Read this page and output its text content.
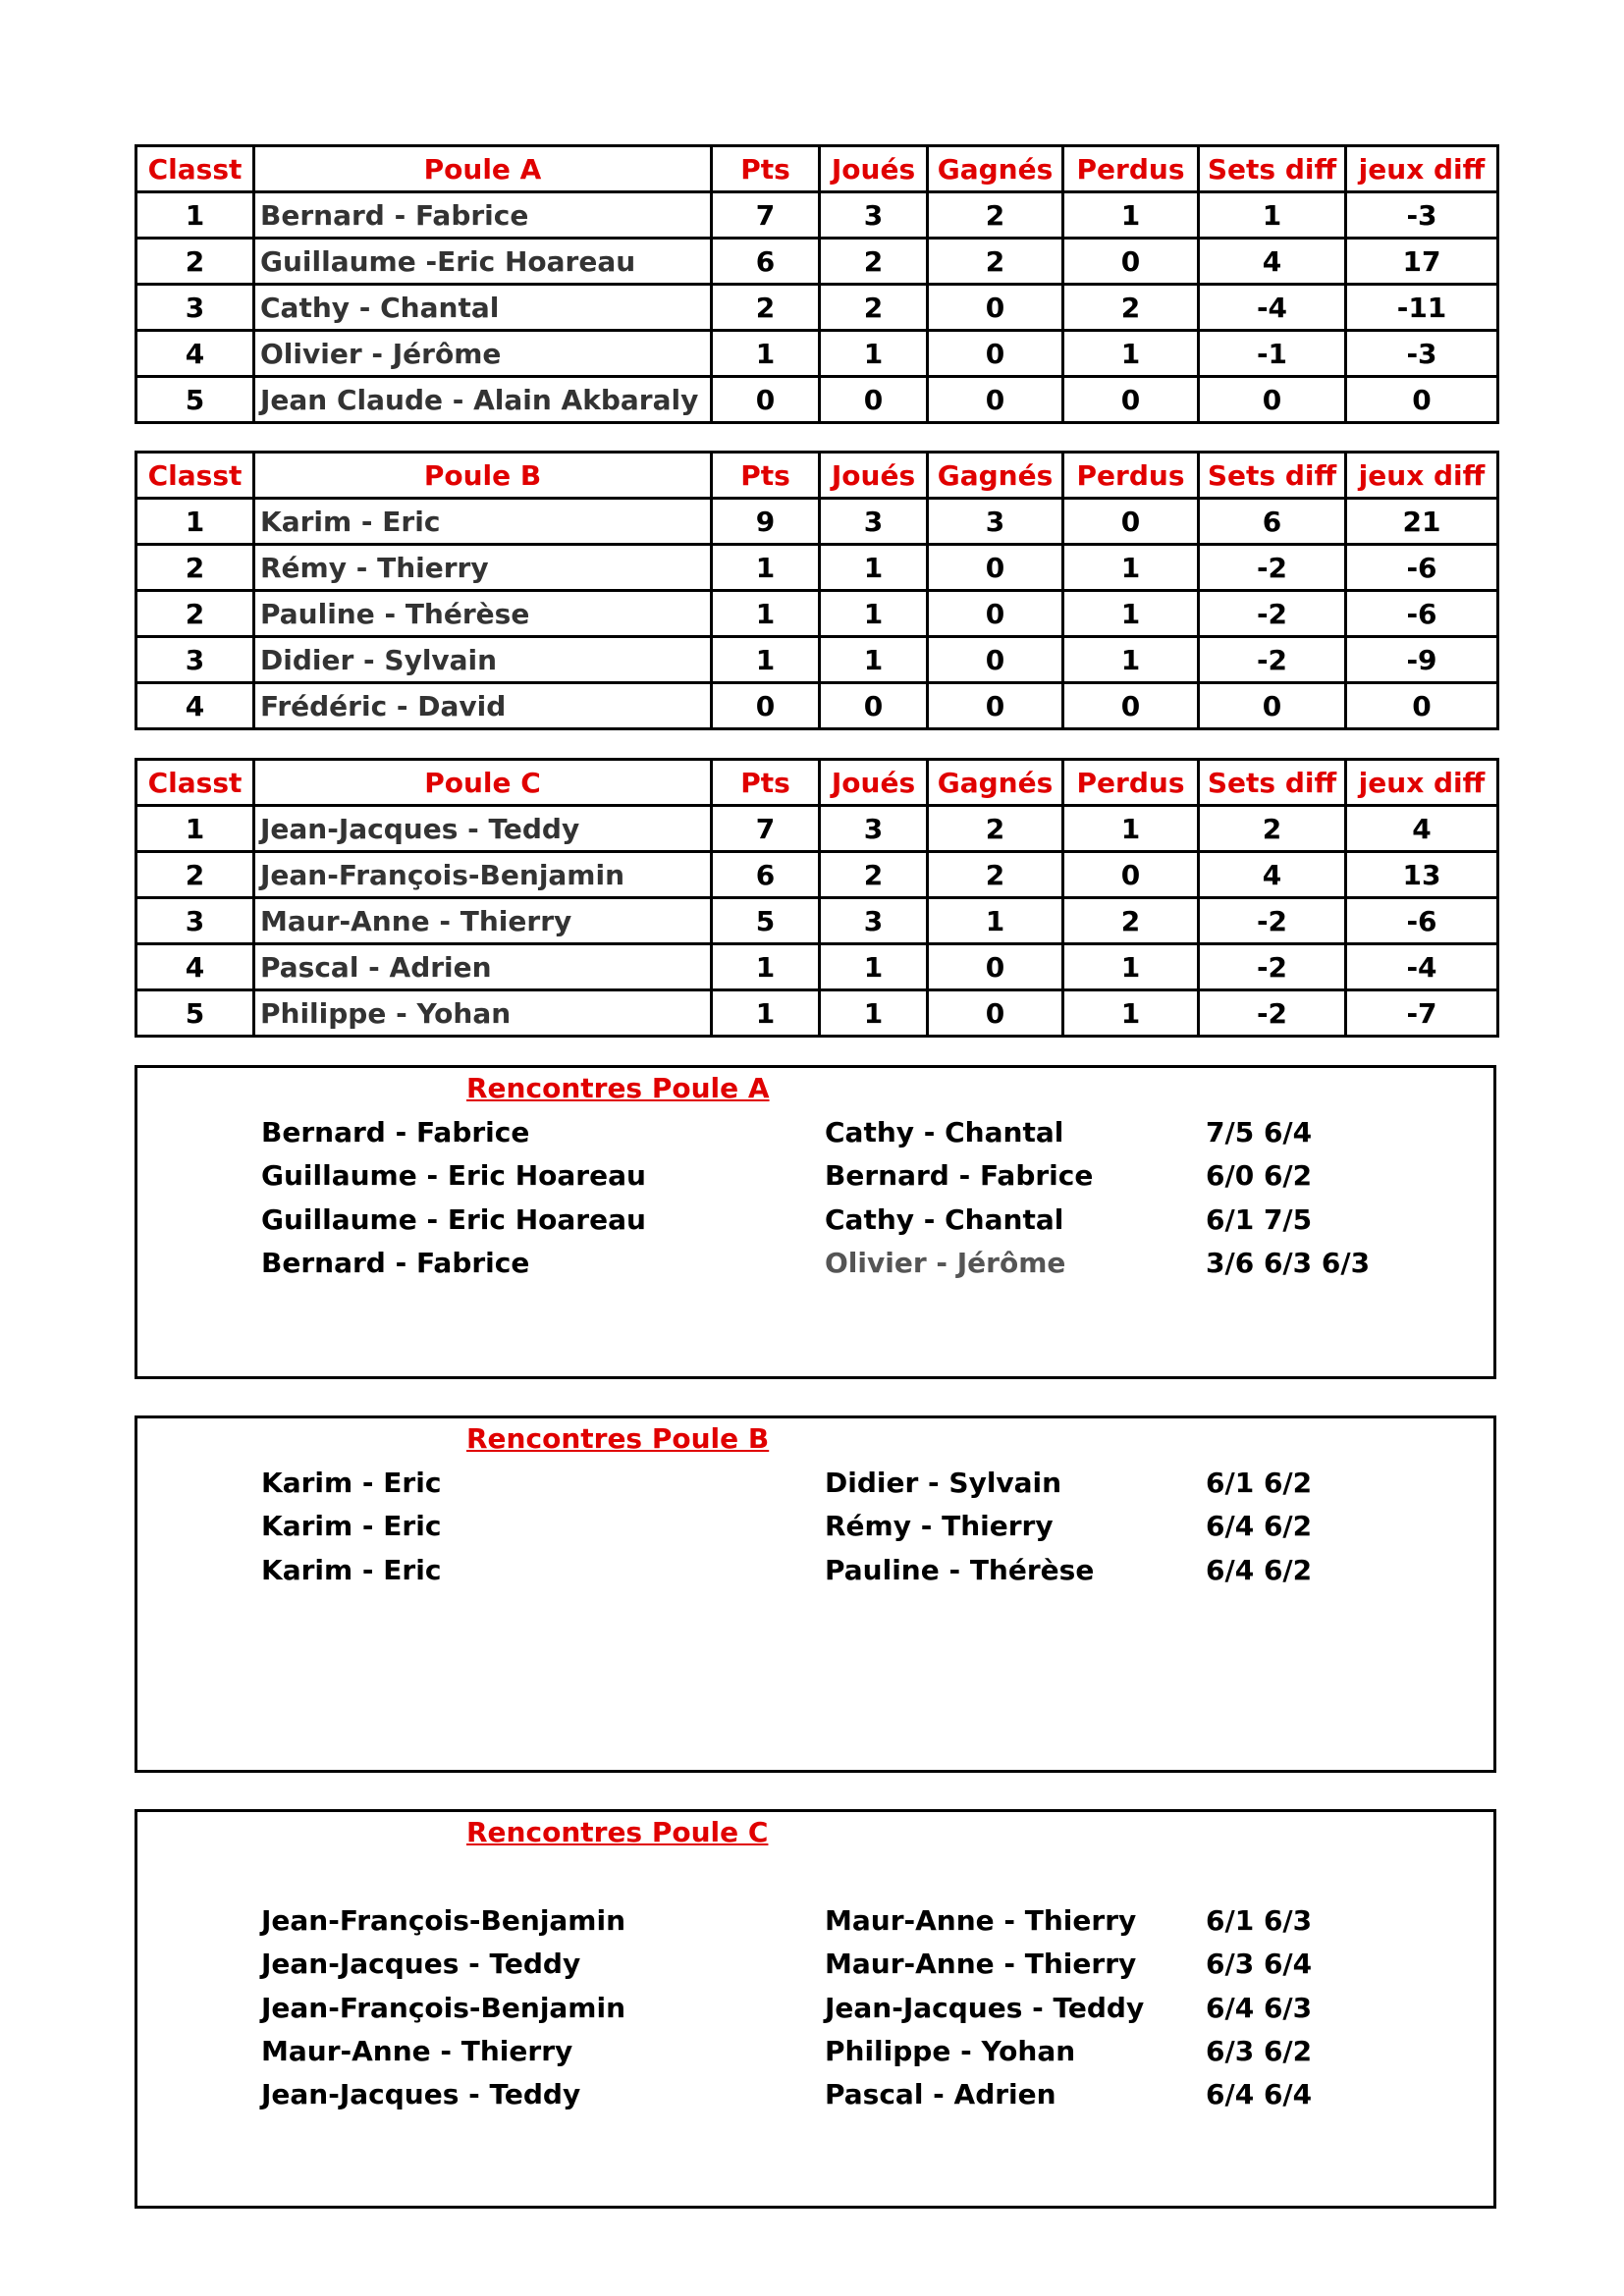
Classt	Poule A	Pts	Joués	Gagnés	Perdus	Sets diff	jeux diff
1	Bernard - Fabrice	7	3	2	1	1	-3
2	Guillaume -Eric Hoareau	6	2	2	0	4	17
3	Cathy - Chantal	2	2	0	2	-4	-11
4	Olivier - Jérôme	1	1	0	1	-1	-3
5	Jean Claude - Alain Akbaraly	0	0	0	0	0	0
Classt	Poule B	Pts	Joués	Gagnés	Perdus	Sets diff	jeux diff
1	Karim - Eric	9	3	3	0	6	21
2	Rémy - Thierry	1	1	0	1	-2	-6
2	Pauline - Thérèse	1	1	0	1	-2	-6
3	Didier - Sylvain	1	1	0	1	-2	-9
4	Frédéric - David	0	0	0	0	0	0
Classt	Poule C	Pts	Joués	Gagnés	Perdus	Sets diff	jeux diff
1	Jean-Jacques - Teddy	7	3	2	1	2	4
2	Jean-François-Benjamin	6	2	2	0	4	13
3	Maur-Anne - Thierry	5	3	1	2	-2	-6
4	Pascal - Adrien	1	1	0	1	-2	-4
5	Philippe - Yohan	1	1	0	1	-2	-7
Rencontres Poule A
Bernard - Fabrice	Cathy - Chantal	7/5 6/4
Guillaume - Eric Hoareau	Bernard - Fabrice	6/0 6/2
Guillaume - Eric Hoareau	Cathy - Chantal	6/1 7/5
Bernard - Fabrice	Olivier - Jérôme	3/6 6/3 6/3
Rencontres Poule B
Karim - Eric	Didier - Sylvain	6/1 6/2
Karim - Eric	Rémy - Thierry	6/4 6/2
Karim - Eric	Pauline - Thérèse	6/4 6/2
Rencontres Poule C
Jean-François-Benjamin	Maur-Anne - Thierry	6/1 6/3
Jean-Jacques - Teddy	Maur-Anne - Thierry	6/3 6/4
Jean-François-Benjamin	Jean-Jacques - Teddy 6/4 6/3
Maur-Anne - Thierry	Philippe - Yohan	6/3 6/2
Jean-Jacques - Teddy	Pascal - Adrien	6/4 6/4
